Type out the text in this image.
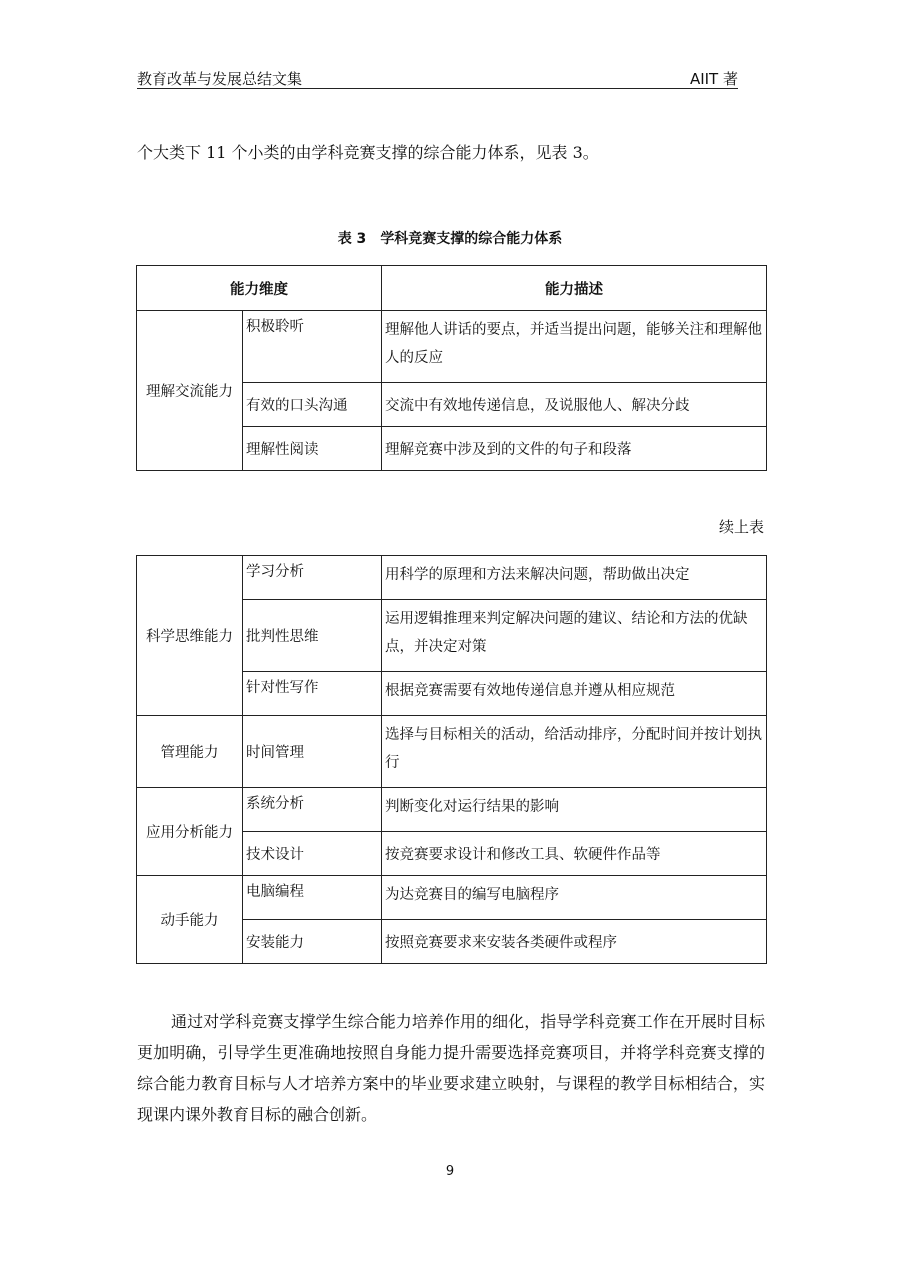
教育改革与发展总结文集	AIIT 著
个大类下 11 个小类的由学科竞赛支撑的综合能力体系，见表 3。
表 3 学科竞赛支撑的综合能力体系
能力维度		能力描述
理解交流能力	积极聆听	理解他人讲话的要点，并适当提出问题，能够关注和理解他人的反应
	有效的口头沟通	交流中有效地传递信息，及说服他人、解决分歧
	理解性阅读	理解竞赛中涉及到的文件的句子和段落
续上表
科学思维能力	学习分析	用科学的原理和方法来解决问题，帮助做出决定
	批判性思维	运用逻辑推理来判定解决问题的建议、结论和方法的优缺点，并决定对策
	针对性写作	根据竞赛需要有效地传递信息并遵从相应规范
管理能力	时间管理	选择与目标相关的活动，给活动排序，分配时间并按计划执行
应用分析能力	系统分析	判断变化对运行结果的影响
	技术设计	按竞赛要求设计和修改工具、软硬件作品等
动手能力	电脑编程	为达竞赛目的编写电脑程序
	安装能力	按照竞赛要求来安装各类硬件或程序

通过对学科竞赛支撑学生综合能力培养作用的细化，指导学科竞赛工作在开展时目标更加明确，引导学生更准确地按照自身能力提升需要选择竞赛项目，并将学科竞赛支撑的综合能力教育目标与人才培养方案中的毕业要求建立映射，与课程的教学目标相结合，实现课内课外教育目标的融合创新。

9
